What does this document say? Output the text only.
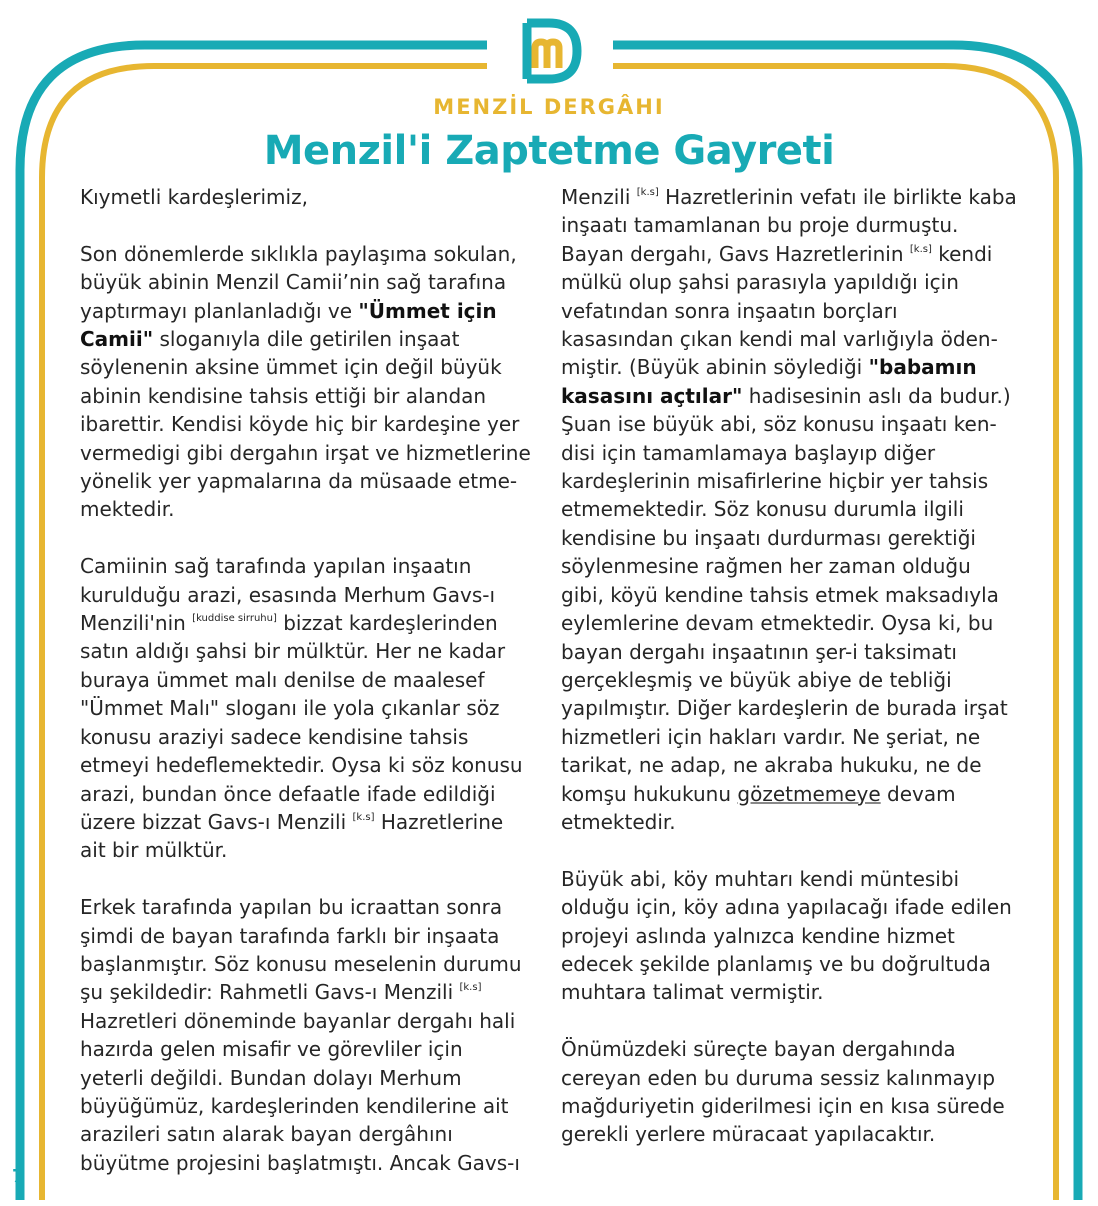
MENZİL DERGÂHI
Menzil'i Zaptetme Gayreti

Kıymetli kardeşlerimiz,

Son dönemlerde sıklıkla paylaşıma sokulan,
büyük abinin Menzil Camii’nin sağ tarafına
yaptırmayı planlanladığı ve "Ümmet için
Camii" sloganıyla dile getirilen inşaat
söylenenin aksine ümmet için değil büyük
abinin kendisine tahsis ettiği bir alandan
ibarettir. Kendisi köyde hiç bir kardeşine yer
vermedigi gibi dergahın irşat ve hizmetlerine
yönelik yer yapmalarına da müsaade etme-
mektedir.

Camiinin sağ tarafında yapılan inşaatın
kurulduğu arazi, esasında Merhum Gavs-ı
Menzili'nin [kuddise sirruhu] bizzat kardeşlerinden
satın aldığı şahsi bir mülktür. Her ne kadar
buraya ümmet malı denilse de maalesef
"Ümmet Malı" sloganı ile yola çıkanlar söz
konusu araziyi sadece kendisine tahsis
etmeyi hedeflemektedir. Oysa ki söz konusu
arazi, bundan önce defaatle ifade edildiği
üzere bizzat Gavs-ı Menzili [k.s] Hazretlerine
ait bir mülktür.

Erkek tarafında yapılan bu icraattan sonra
şimdi de bayan tarafında farklı bir inşaata
başlanmıştır. Söz konusu meselenin durumu
şu şekildedir: Rahmetli Gavs-ı Menzili [k.s]
Hazretleri döneminde bayanlar dergahı hali
hazırda gelen misafir ve görevliler için
yeterli değildi. Bundan dolayı Merhum
büyüğümüz, kardeşlerinden kendilerine ait
arazileri satın alarak bayan dergâhını
büyütme projesini başlatmıştı. Ancak Gavs-ı

Menzili [k.s] Hazretlerinin vefatı ile birlikte kaba
inşaatı tamamlanan bu proje durmuştu.
Bayan dergahı, Gavs Hazretlerinin [k.s] kendi
mülkü olup şahsi parasıyla yapıldığı için
vefatından sonra inşaatın borçları
kasasından çıkan kendi mal varlığıyla öden-
miştir. (Büyük abinin söylediği "babamın
kasasını açtılar" hadisesinin aslı da budur.)
Şuan ise büyük abi, söz konusu inşaatı ken-
disi için tamamlamaya başlayıp diğer
kardeşlerinin misafirlerine hiçbir yer tahsis
etmemektedir. Söz konusu durumla ilgili
kendisine bu inşaatı durdurması gerektiği
söylenmesine rağmen her zaman olduğu
gibi, köyü kendine tahsis etmek maksadıyla
eylemlerine devam etmektedir. Oysa ki, bu
bayan dergahı inşaatının şer-i taksimatı
gerçekleşmiş ve büyük abiye de tebliği
yapılmıştır. Diğer kardeşlerin de burada irşat
hizmetleri için hakları vardır. Ne şeriat, ne
tarikat, ne adap, ne akraba hukuku, ne de
komşu hukukunu gözetmemeye devam
etmektedir.

Büyük abi, köy muhtarı kendi müntesibi
olduğu için, köy adına yapılacağı ifade edilen
projeyi aslında yalnızca kendine hizmet
edecek şekilde planlamış ve bu doğrultuda
muhtara talimat vermiştir.

Önümüzdeki süreçte bayan dergahında
cereyan eden bu duruma sessiz kalınmayıp
mağduriyetin giderilmesi için en kısa sürede
gerekli yerlere müracaat yapılacaktır.

7
